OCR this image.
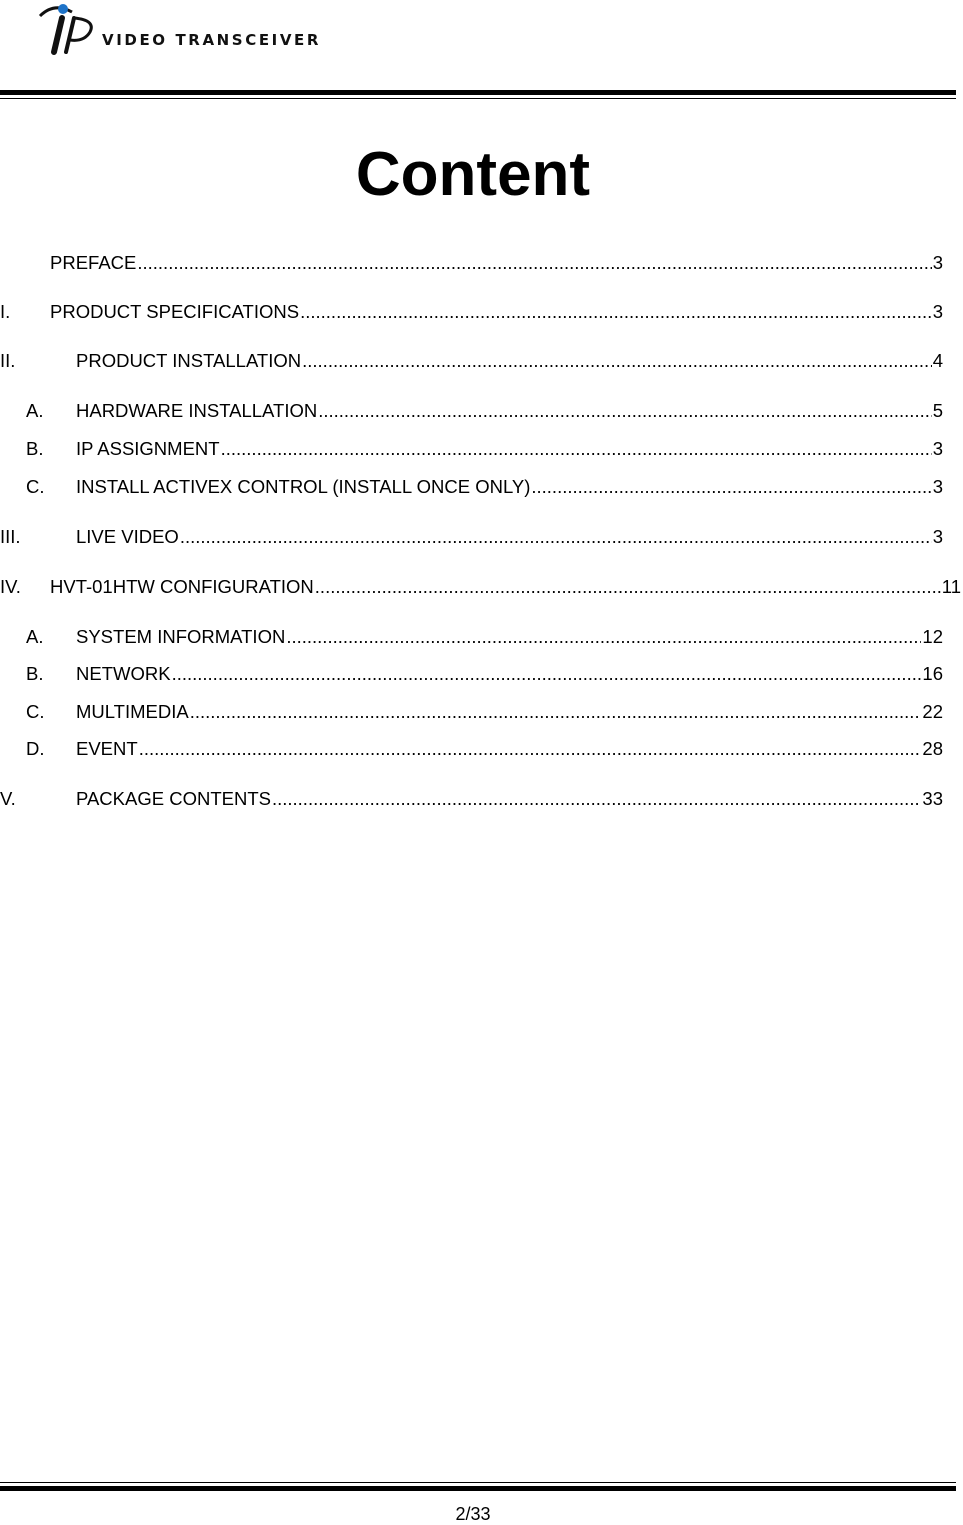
VIDEO TRANSCEIVER
Content
PREFACE .....	3
I. PRODUCT SPECIFICATIONS .....	3
II.	PRODUCT INSTALLATION .....	4
A. HARDWARE INSTALLATION .....	5
B. IP ASSIGNMENT .....	3
C. INSTALL ACTIVEX CONTROL (INSTALL ONCE ONLY) .....	3
III.	LIVE VIDEO .....	3
IV. HVT-01HTW CONFIGURATION .....	11
A. SYSTEM INFORMATION .....	12
B. NETWORK .....	16
C. MULTIMEDIA .....	22
D. EVENT .....	28
V.	PACKAGE CONTENTS .....	33
2/33
